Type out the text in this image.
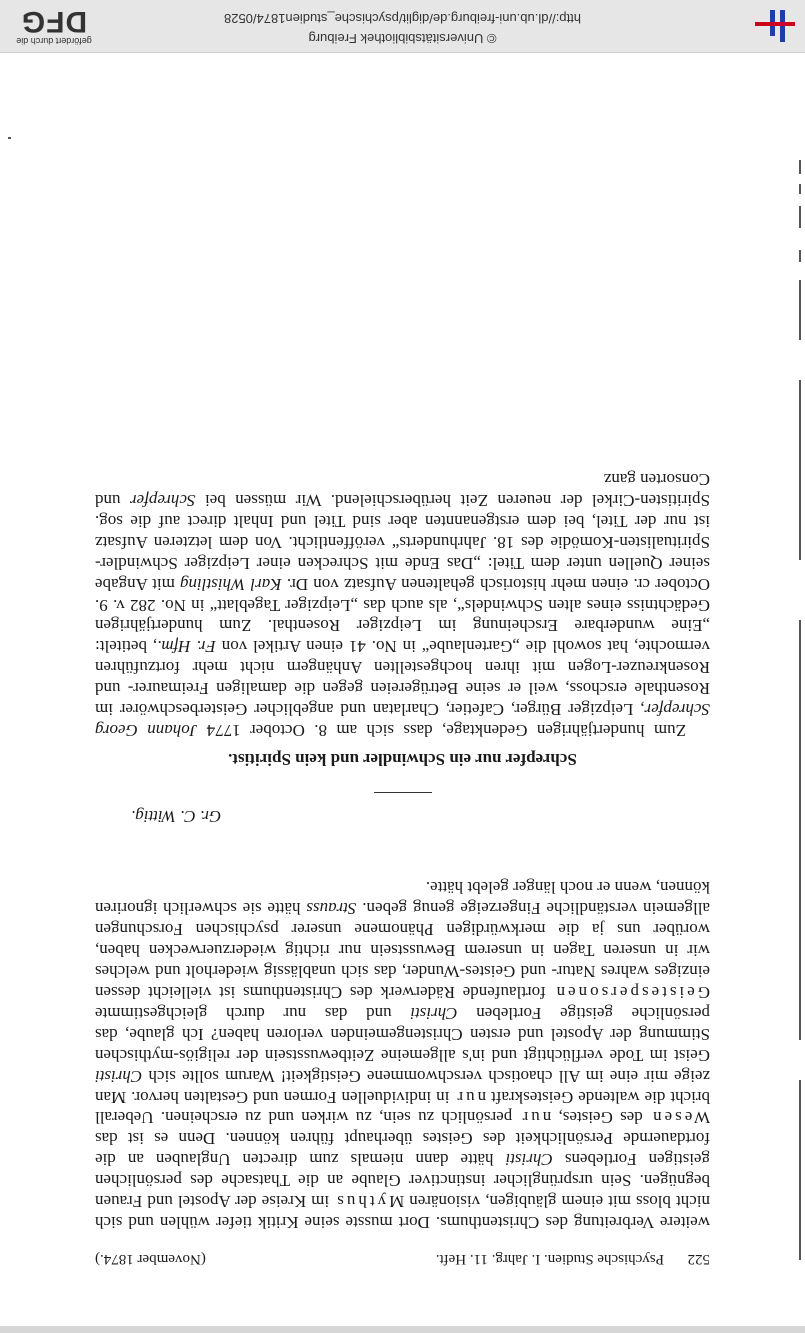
© Universitätsbibliothek Freiburg
http://dl.ub.uni-freiburg.de/diglit/psychische_studien1874/0528
gefördert durch die
DFG
522
Psychische Studien. I. Jahrg. 11. Heft.
(November 1874.)

weitere Verbreitung des Christenthums. Dort musste seine Kritik tiefer wühlen und sich nicht bloss mit einem gläubigen, visionären Mythus im Kreise der Apostel und Frauen begnügen. Sein ursprünglicher instinctiver Glaube an die Thatsache des persönlichen geistigen Fortlebens Christi hätte dann niemals zum directen Unglauben an die fortdauernde Persönlichkeit des Geistes überhaupt führen können. Denn es ist das Wesen des Geistes, nur persönlich zu sein, zu wirken und zu erscheinen. Ueberall bricht die waltende Geisteskraft nur in individuellen Formen und Gestalten hervor. Man zeige mir eine im All chaotisch verschwommene Geistigkeit! Warum sollte sich Christi Geist im Tode verflüchtigt und in's allgemeine Zeitbewusstsein der religiös-mythischen Stimmung der Apostel und ersten Christengemeinden verloren haben? Ich glaube, das persönliche geistige Fortleben Christi und das nur durch gleichgestimmte Geistespersonen fortlaufende Räderwerk des Christenthums ist vielleicht dessen einziges wahres Natur- und Geistes-Wunder, das sich unablässig wiederholt und welches wir in unseren Tagen in unserem Bewusstsein nur richtig wiederzuerwecken haben, worüber uns ja die merkwürdigen Phänomene unserer psychischen Forschungen allgemein verständliche Fingerzeige genug geben. Strauss hätte sie schwerlich ignoriren können, wenn er noch länger gelebt hätte.

Gr. C. Wittig.
Schrepfer nur ein Schwindler und kein Spiritist.

Zum hundertjährigen Gedenktage, dass sich am 8. October 1774 Johann Georg Schrepfer, Leipziger Bürger, Cafetier, Charlatan und angeblicher Geisterbeschwörer im Rosenthale erschoss, weil er seine Betrügereien gegen die damaligen Freimaurer- und Rosenkreuzer-Logen mit ihren hochgestellten Anhängern nicht mehr fortzuführen vermochte, hat sowohl die „Gartenlaube“ in No. 41 einen Artikel von Fr. Hfm., betitelt: „Eine wunderbare Erscheinung im Leipziger Rosenthal. Zum hundertjährigen Gedächtniss eines alten Schwindels“, als auch das „Leipziger Tageblatt“ in No. 282 v. 9. October cr. einen mehr historisch gehaltenen Aufsatz von Dr. Karl Whistling mit Angabe seiner Quellen unter dem Titel: „Das Ende mit Schrecken einer Leipziger Schwindler-Spiritualisten-Komödie des 18. Jahrhunderts“ veröffentlicht. Von dem letzteren Aufsatz ist nur der Titel, bei dem erstgenannten aber sind Titel und Inhalt direct auf die sog. Spiritisten-Cirkel der neueren Zeit herüberschielend. Wir müssen bei Schrepfer und Consorten ganz
